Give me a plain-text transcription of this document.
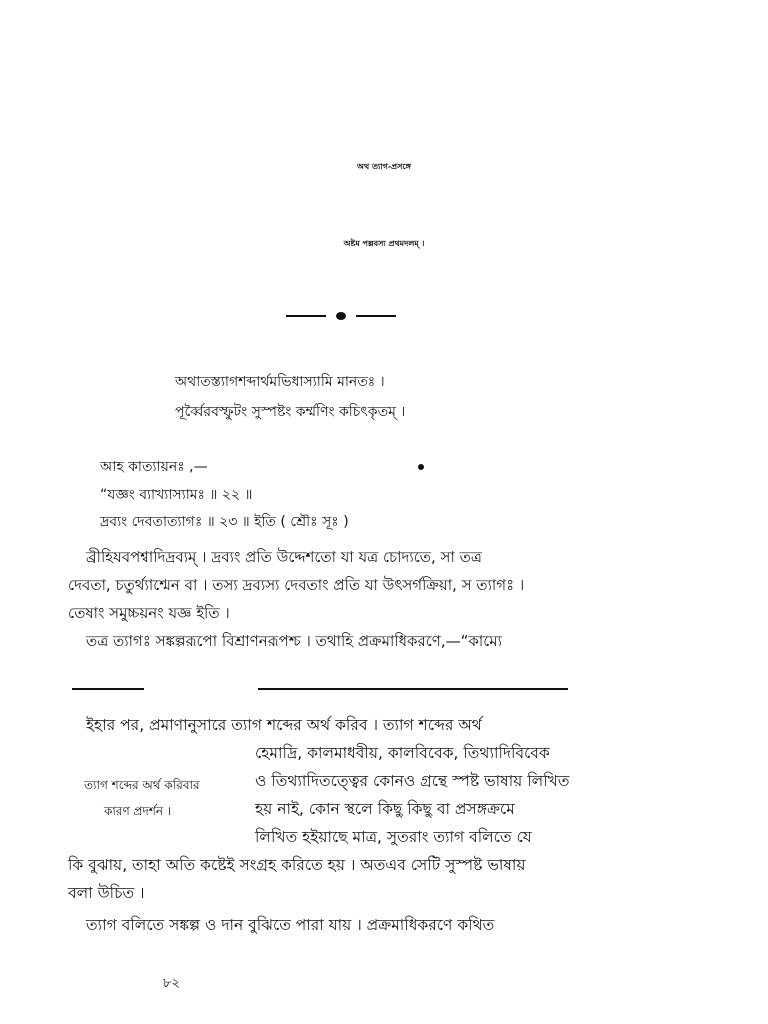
অথ ত্যাগ-প্রসঙ্গে
অষ্টম পল্লবস্য প্রথমদলম্ ।
অথাতস্ত্যাগশব্দার্থমভিধাস্যামি মানতঃ ।
পূর্ব্বৈরবস্ফুটং সুস্পষ্টং কৰ্ম্মণিং কচিৎকৃতম্ ।
আহ কাত্যায়নঃ ,—
“যজ্ঞং ব্যাখ্যাস্যামঃ ॥ ২২ ॥
দ্রব্যং দেবতাত্যাগঃ ॥ ২৩ ॥ ইতি ( শ্রৌঃ সূঃ )
ব্রীহিযবপশ্বাদিদ্রব্যম্ । দ্রব্যং প্রতি উদ্দেশতো যা যত্র চোদ্যতে, সা তত্র
দেবতা, চতুর্থ্যাশ্মেন বা । তস্য দ্রব্যস্য দেবতাং প্রতি যা উৎসর্গক্রিয়া, স ত্যাগঃ ।
তেষাং সমুচ্চয়নং যজ্ঞ ইতি ।
তত্র ত্যাগঃ সঙ্কল্পরূপো বিশ্রাণনরূপশ্চ । তথাহি প্রক্রমাধিকরণে,—“কাম্যে
ইহার পর, প্রমাণানুসারে ত্যাগ শব্দের অর্থ করিব । ত্যাগ শব্দের অর্থ
হেমাদ্রি, কালমাধবীয়, কালবিবেক, তিথ্যাদিবিবেক
ত্যাগ শব্দের অর্থ করিবার
কারণ প্রদর্শন ।
ও তিথ্যাদিতত্ত্বের কোনও গ্রন্থে স্পষ্ট ভাষায় লিখিত
হয় নাই, কোন স্থলে কিছু কিছু বা প্রসঙ্গক্রমে
লিখিত হইয়াছে মাত্র, সুতরাং ত্যাগ বলিতে যে
কি বুঝায়, তাহা অতি কষ্টেই সংগ্রহ করিতে হয় । অতএব সেটি সুস্পষ্ট ভাষায়
বলা উচিত ।
ত্যাগ বলিতে সঙ্কল্প ও দান বুঝিতে পারা যায় । প্রক্রমাধিকরণে কথিত
৮২
